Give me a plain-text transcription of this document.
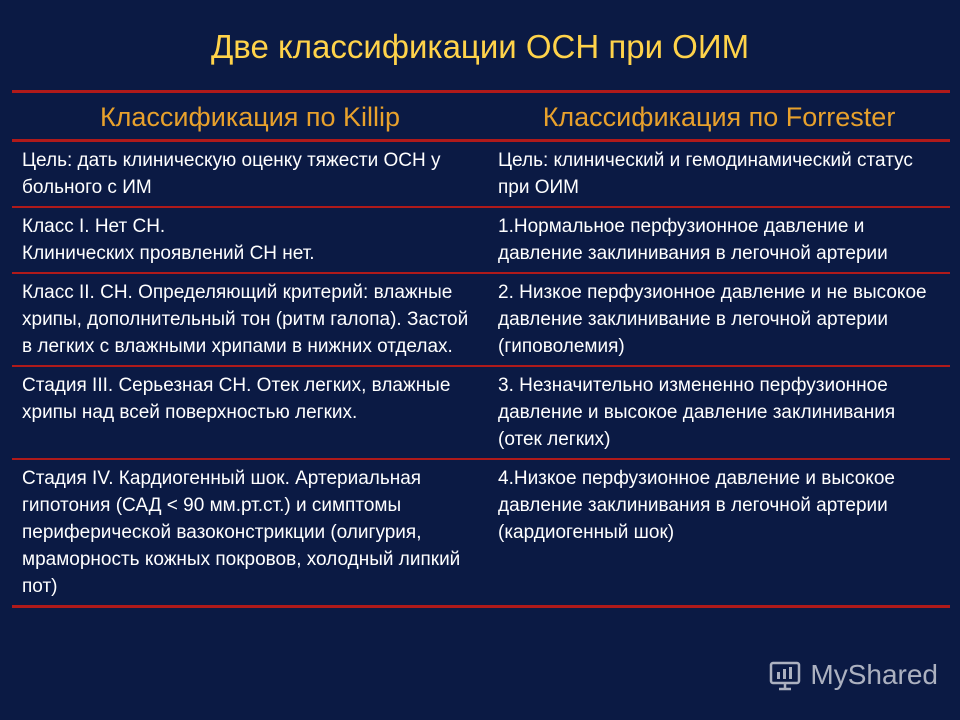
Две классификации ОСН при ОИМ
Классификация по Killip	Классификация по Forrester

Цель: дать клиническую оценку тяжести ОСН у больного с ИМ	Цель: клинический и гемодинамический статус при ОИМ

Класс I. Нет СН.
Клинических проявлений СН нет.	1.Нормальное перфузионное давление и давление заклинивания в легочной артерии

Класс II. СН. Определяющий критерий: влажные хрипы, дополнительный тон (ритм галопа). Застой в легких с влажными хрипами в нижних отделах.	2. Низкое перфузионное давление и не высокое давление заклинивание в легочной артерии (гиповолемия)

Стадия III. Серьезная СН. Отек легких, влажные хрипы над всей поверхностью легких.	3. Незначительно измененно перфузионное давление и высокое давление заклинивания (отек легких)

Стадия IV. Кардиогенный шок. Артериальная гипотония (САД < 90 мм.рт.ст.) и симптомы периферической вазоконстрикции (олигурия, мраморность кожных покровов, холодный липкий пот)	4.Низкое перфузионное давление и высокое давление заклинивания в легочной артерии (кардиогенный шок)
MyShared
